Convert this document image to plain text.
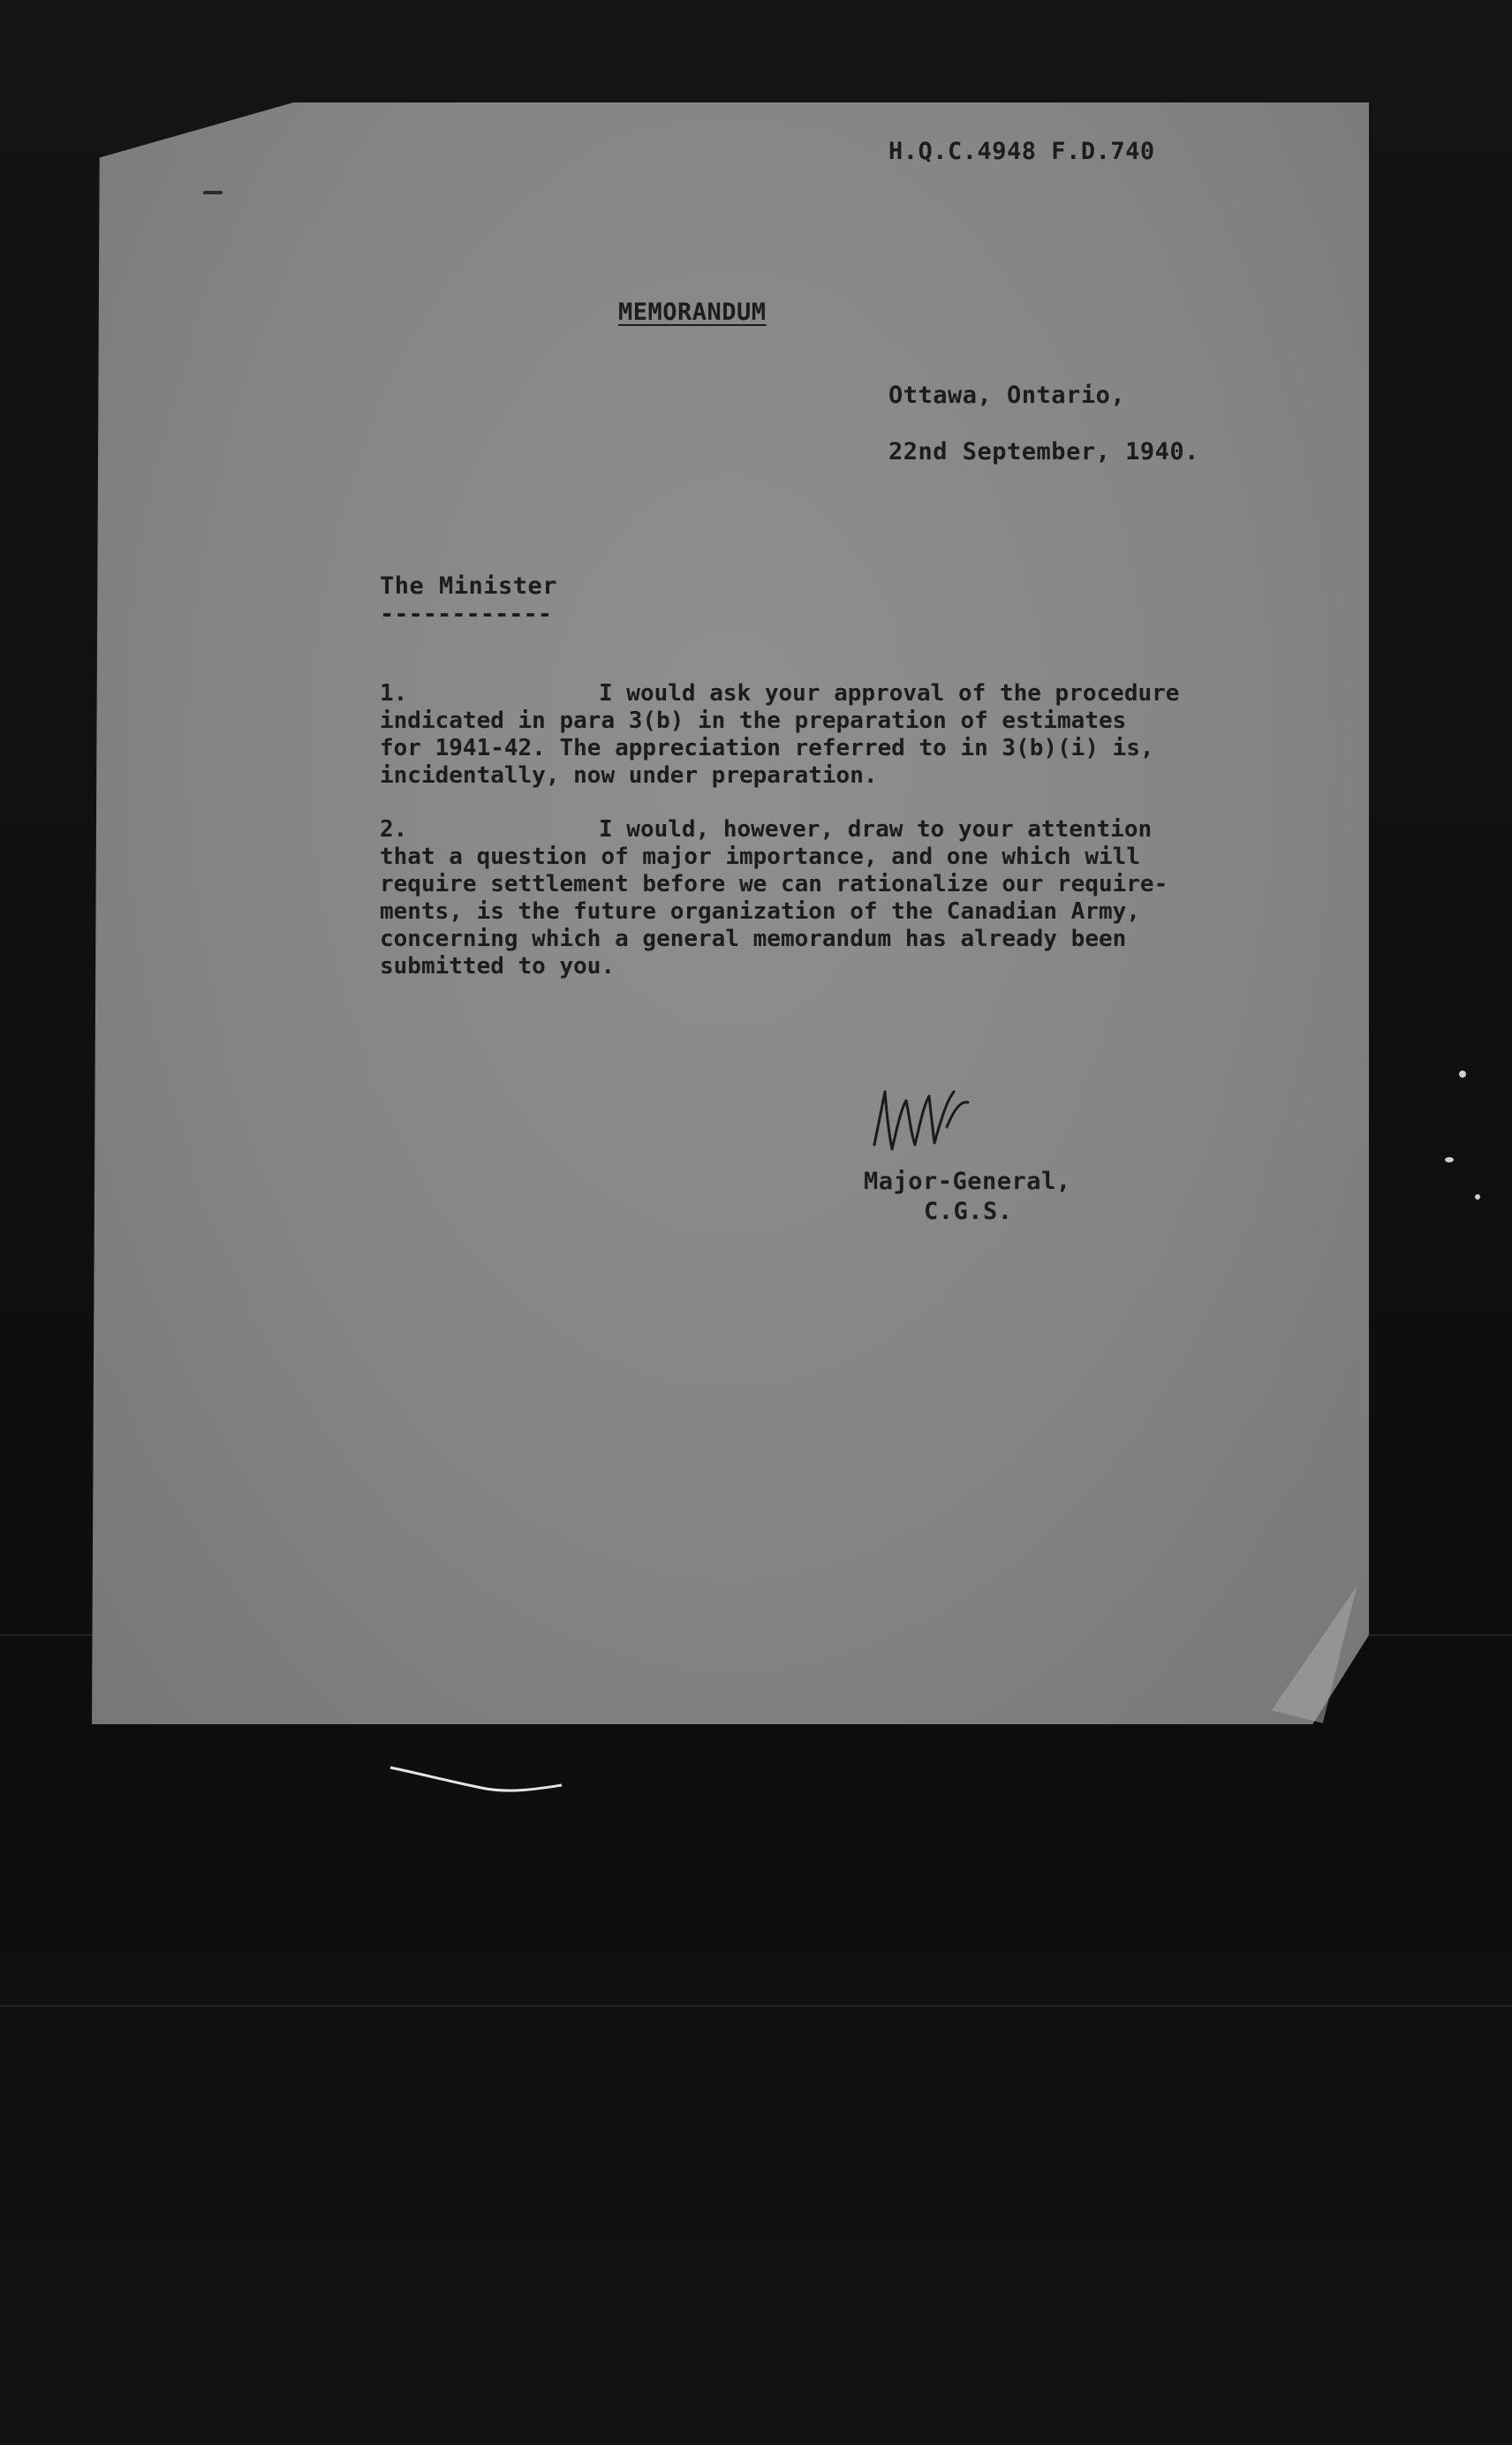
H.Q.C.4948 F.D.740

MEMORANDUM

Ottawa, Ontario,

22nd September, 1940.

The Minister

------------

1.	I would ask your approval of the procedure
indicated in para 3(b) in the preparation of estimates
for 1941-42. The appreciation referred to in 3(b)(i) is,
incidentally, now under preparation.
2.	I would, however, draw to your attention
that a question of major importance, and one which will
require settlement before we can rationalize our require-
ments, is the future organization of the Canadian Army,
concerning which a general memorandum has already been
submitted to you.

Major-General,

C.G.S.
